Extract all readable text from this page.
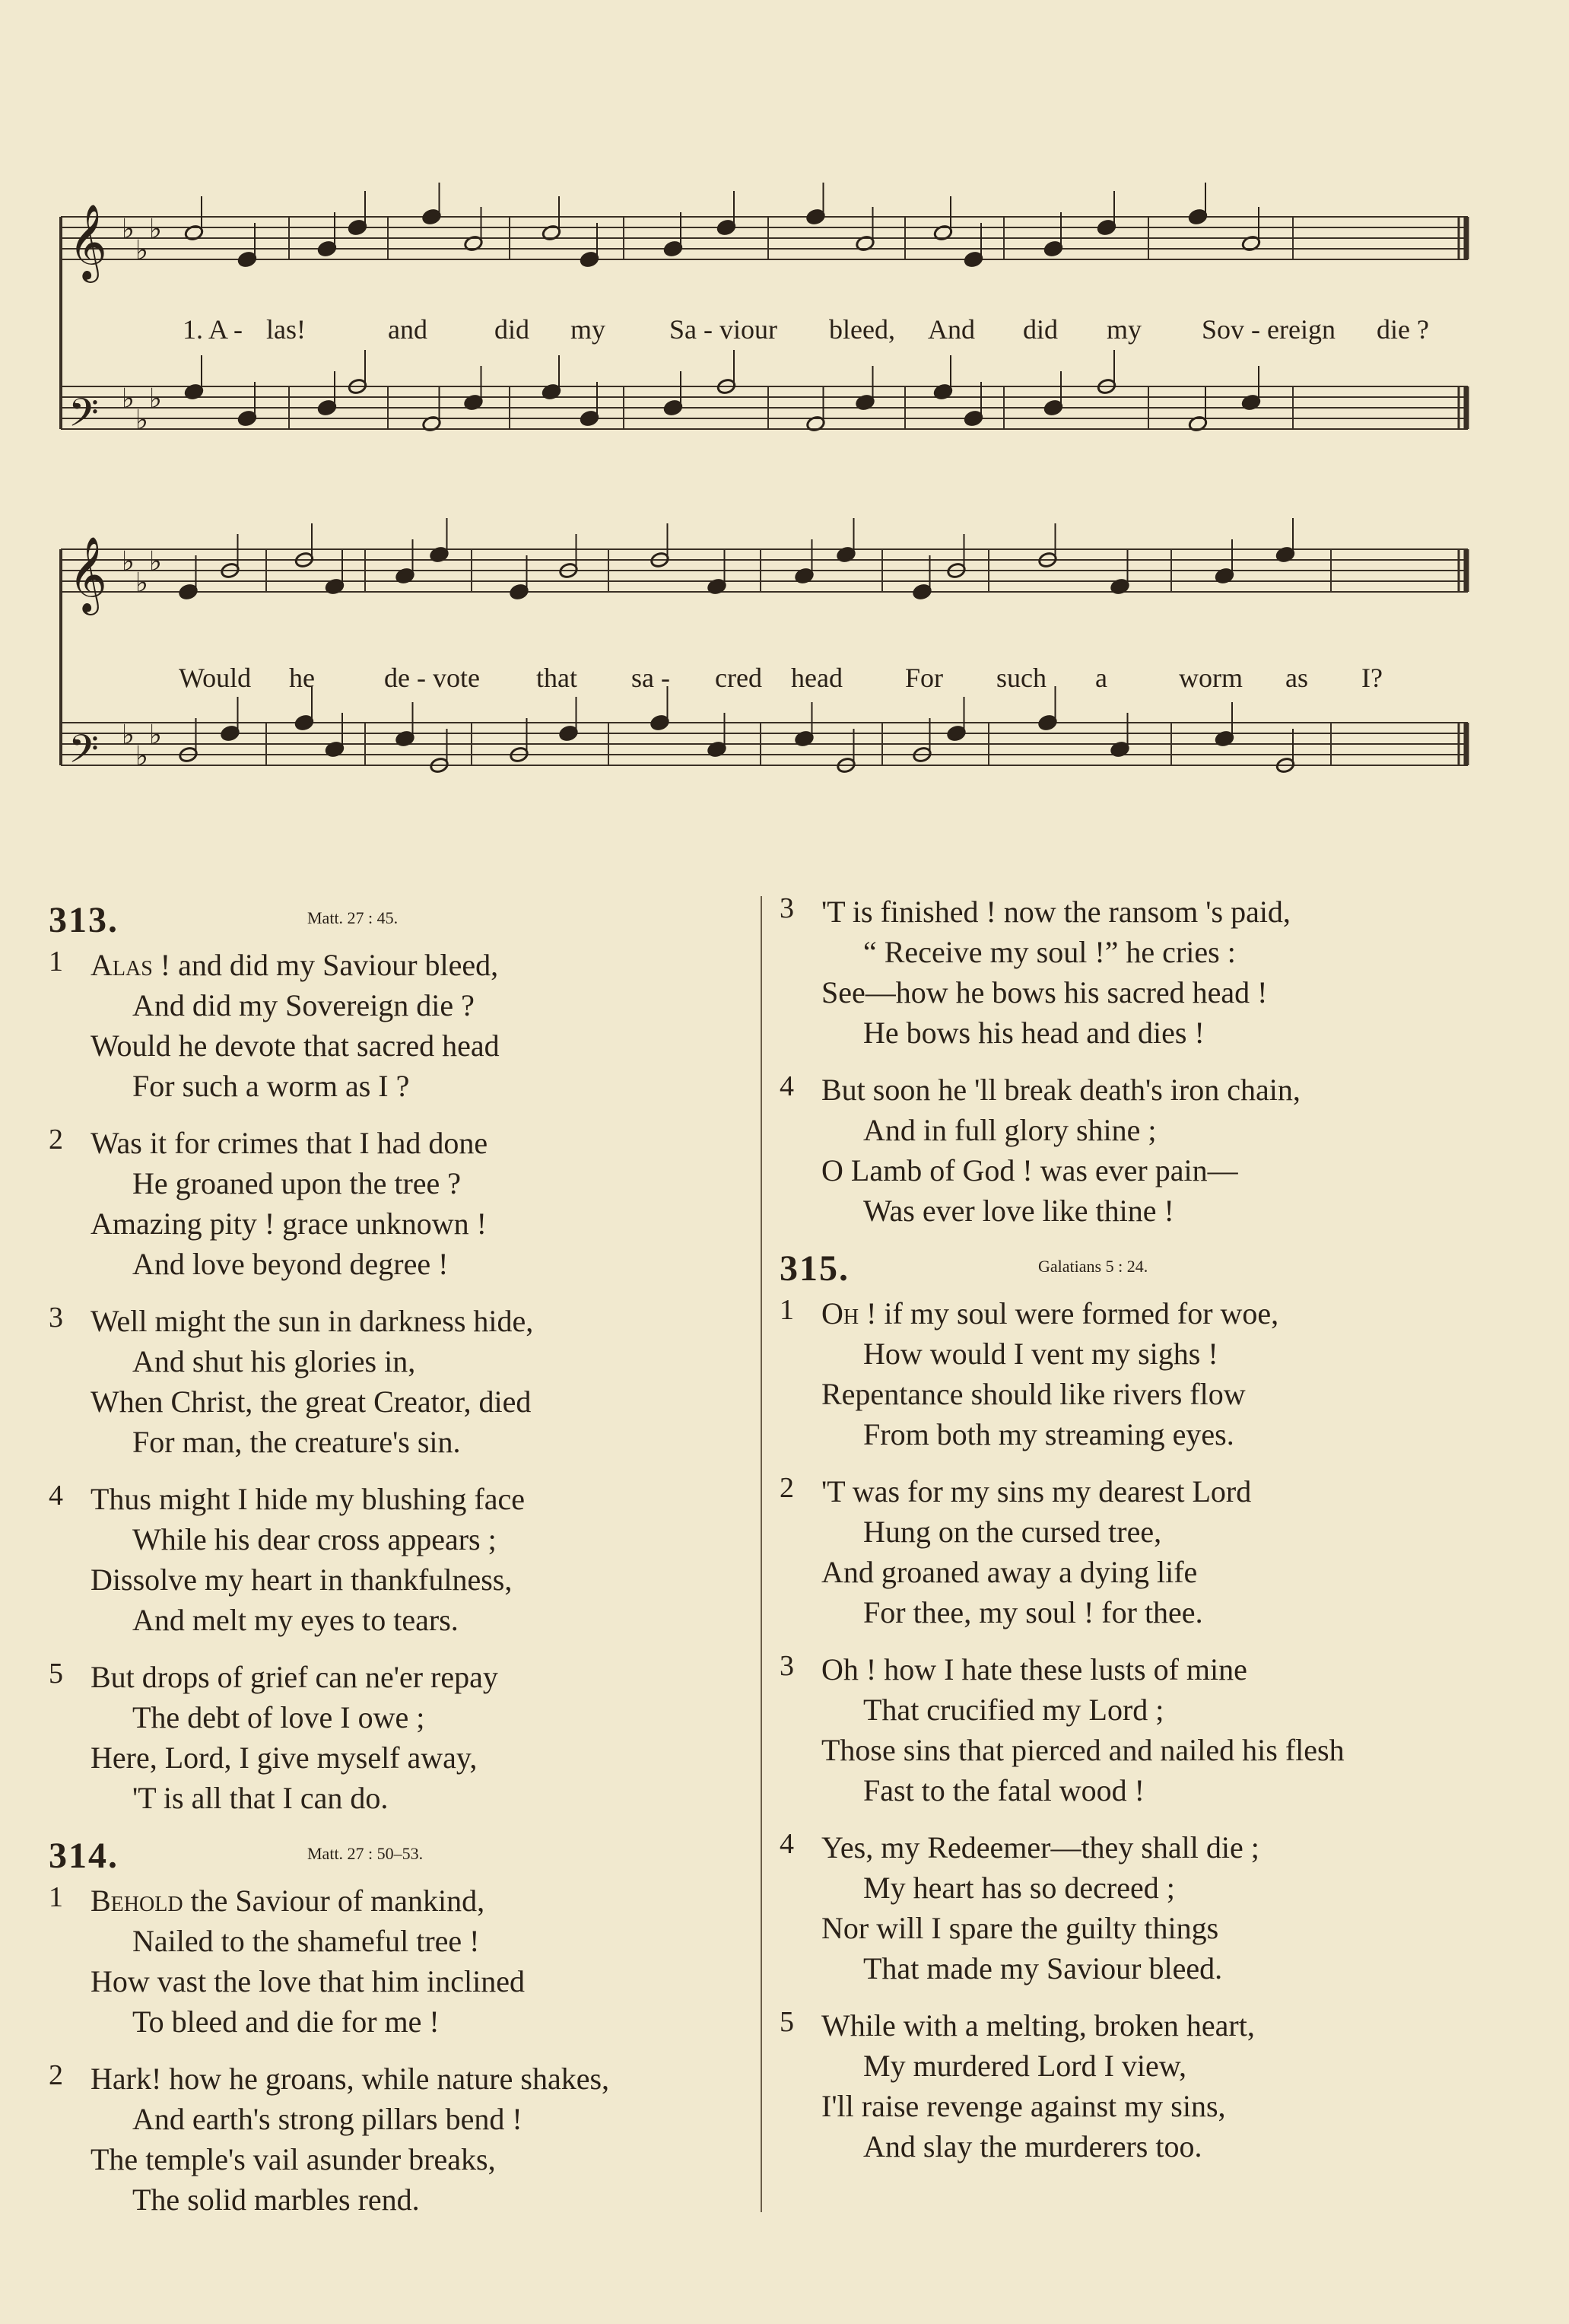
𝄞 ♭
♭
♭
𝄢 ♭
♭
♭
𝄞 ♭
♭
♭
𝄢 ♭
♭
♭
1. A - las!	and did my Sa - viour bleed, And did my Sov - ereign die ?
Would he	de - vote that sa - cred head For such a	worm as I?
313.	Matt. 27 : 45.
1 Alas ! and did my Saviour bleed,
And did my Sovereign die ?
Would he devote that sacred head
For such a worm as I ?
2 Was it for crimes that I had done
He groaned upon the tree ?
Amazing pity ! grace unknown !
And love beyond degree !
3 Well might the sun in darkness hide,
And shut his glories in,
When Christ, the great Creator, died
For man, the creature's sin.
4 Thus might I hide my blushing face
While his dear cross appears ;
Dissolve my heart in thankfulness,
And melt my eyes to tears.
5 But drops of grief can ne'er repay
The debt of love I owe ;
Here, Lord, I give myself away,
'T is all that I can do.
314.	Matt. 27 : 50–53.
1 Behold the Saviour of mankind,
Nailed to the shameful tree !
How vast the love that him inclined
To bleed and die for me !
2 Hark! how he groans, while nature shakes,
And earth's strong pillars bend !
The temple's vail asunder breaks,
The solid marbles rend.
3 'T is finished ! now the ransom 's paid,
“ Receive my soul !” he cries :
See—how he bows his sacred head !
He bows his head and dies !
4 But soon he 'll break death's iron chain,
And in full glory shine ;
O Lamb of God ! was ever pain—
Was ever love like thine !
315.	Galatians 5 : 24.
1 Oh ! if my soul were formed for woe,
How would I vent my sighs !
Repentance should like rivers flow
From both my streaming eyes.
2 'T was for my sins my dearest Lord
Hung on the cursed tree,
And groaned away a dying life
For thee, my soul ! for thee.
3 Oh ! how I hate these lusts of mine
That crucified my Lord ;
Those sins that pierced and nailed his flesh
Fast to the fatal wood !
4 Yes, my Redeemer—they shall die ;
My heart has so decreed ;
Nor will I spare the guilty things
That made my Saviour bleed.
5 While with a melting, broken heart,
My murdered Lord I view,
I'll raise revenge against my sins,
And slay the murderers too.
